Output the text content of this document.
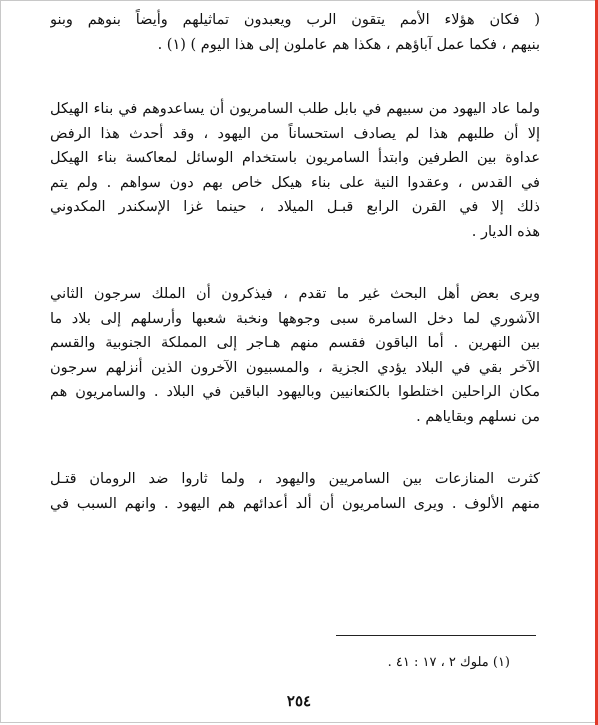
( فكان هؤلاء الأمم يتقون الرب ويعبدون تماثيلهم وأيضاً بنوهم وبنو
بنيهم ، فكما عمل آباؤهم ، هكذا هم عاملون إلى هذا اليوم ) (١) .
ولما عاد اليهود من سبيهم في بابل طلب السامريون أن يساعدوهم في بناء الهيكل
إلا أن طلبهم هذا لم يصادف استحساناً من اليهود ، وقد أحدث هذا الرفض
عداوة بين الطرفين وابتدأ السامريون باستخدام الوسائل لمعاكسة بناء الهيكل
في القدس ، وعقدوا النية على بناء هيكل خاص بهم دون سواهم . ولم يتم
ذلك إلا في القرن الرابع قبـل الميلاد ، حينما غزا الإسكندر المكدوني
هذه الديار .
ويرى بعض أهل البحث غير ما تقدم ، فيذكرون أن الملك سرجون الثاني
الآشوري لما دخل السامرة سبى وجوهها ونخبة شعبها وأرسلهم إلى بلاد ما
بين النهرين . أما الباقون فقسم منهم هـاجر إلى المملكة الجنوبية والقسم
الآخر بقي في البلاد يؤدي الجزية ، والمسبيون الآخرون الذين أنزلهم سرجون
مكان الراحلين اختلطوا بالكنعانيين وباليهود الباقين في البلاد . والسامريون هم
من نسلهم وبقاياهم .
كثرت المنازعات بين السامريين واليهود ، ولما ثاروا ضد الرومان قتـل
منهم الألوف . ويرى السامريون أن ألد أعدائهم هم اليهود . وانهم السبب في
(١) ملوك ٢ ، ١٧ : ٤١ .
٢٥٤
